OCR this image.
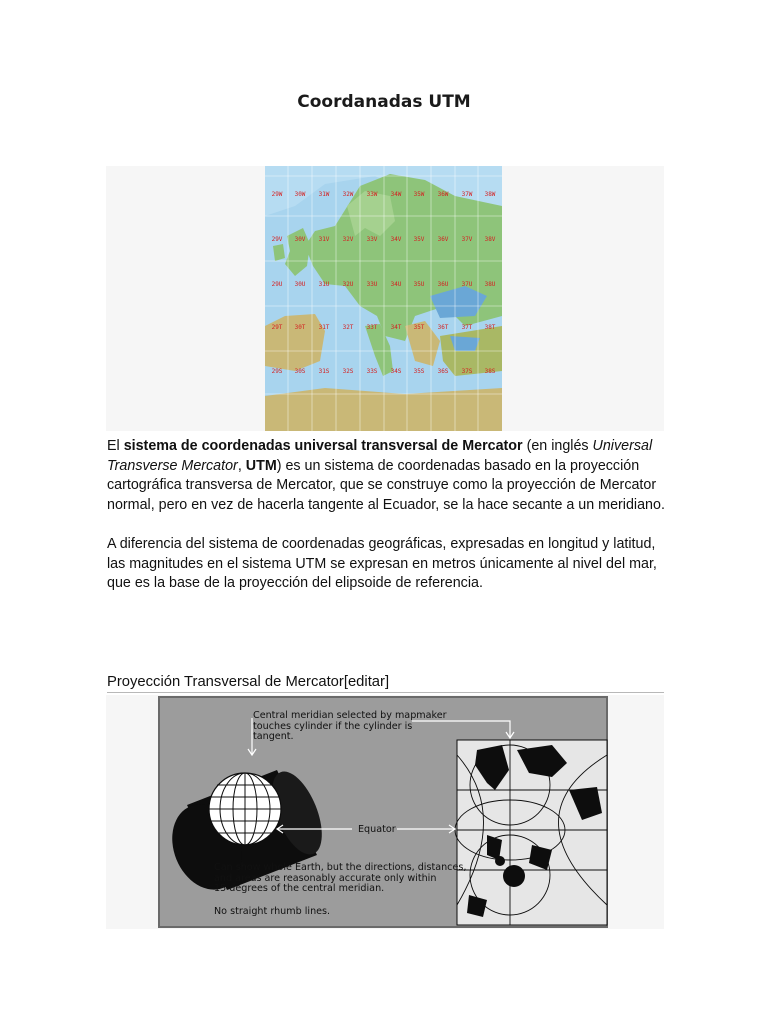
Coordanadas UTM
29W 30W 31W 32W 33W 34W 35W 36W 37W 38W
29V 30V 31V 32V 33V 34V 35V 36V 37V 38V
29U 30U 31U 32U 33U 34U 35U 36U 37U 38U
29T 30T 31T 32T 33T 34T 35T 36T 37T 38T
29S 30S 31S 32S 33S 34S 35S 36S 37S 38S
El sistema de coordenadas universal transversal de Mercator (en inglés Universal Transverse Mercator, UTM) es un sistema de coordenadas basado en la proyección cartográfica transversa de Mercator, que se construye como la proyección de Mercator normal, pero en vez de hacerla tangente al Ecuador, se la hace secante a un meridiano.
A diferencia del sistema de coordenadas geográficas, expresadas en longitud y latitud, las magnitudes en el sistema UTM se expresan en metros únicamente al nivel del mar, que es la base de la proyección del elipsoide de referencia.
Proyección Transversal de Mercator[editar]
Central meridian selected by mapmaker
touches cylinder if the cylinder is
tangent.
Equator
Can show whole Earth, but the directions, distances,
and areas are reasonably accurate only within
15 degrees of the central meridian.
No straight rhumb lines.
